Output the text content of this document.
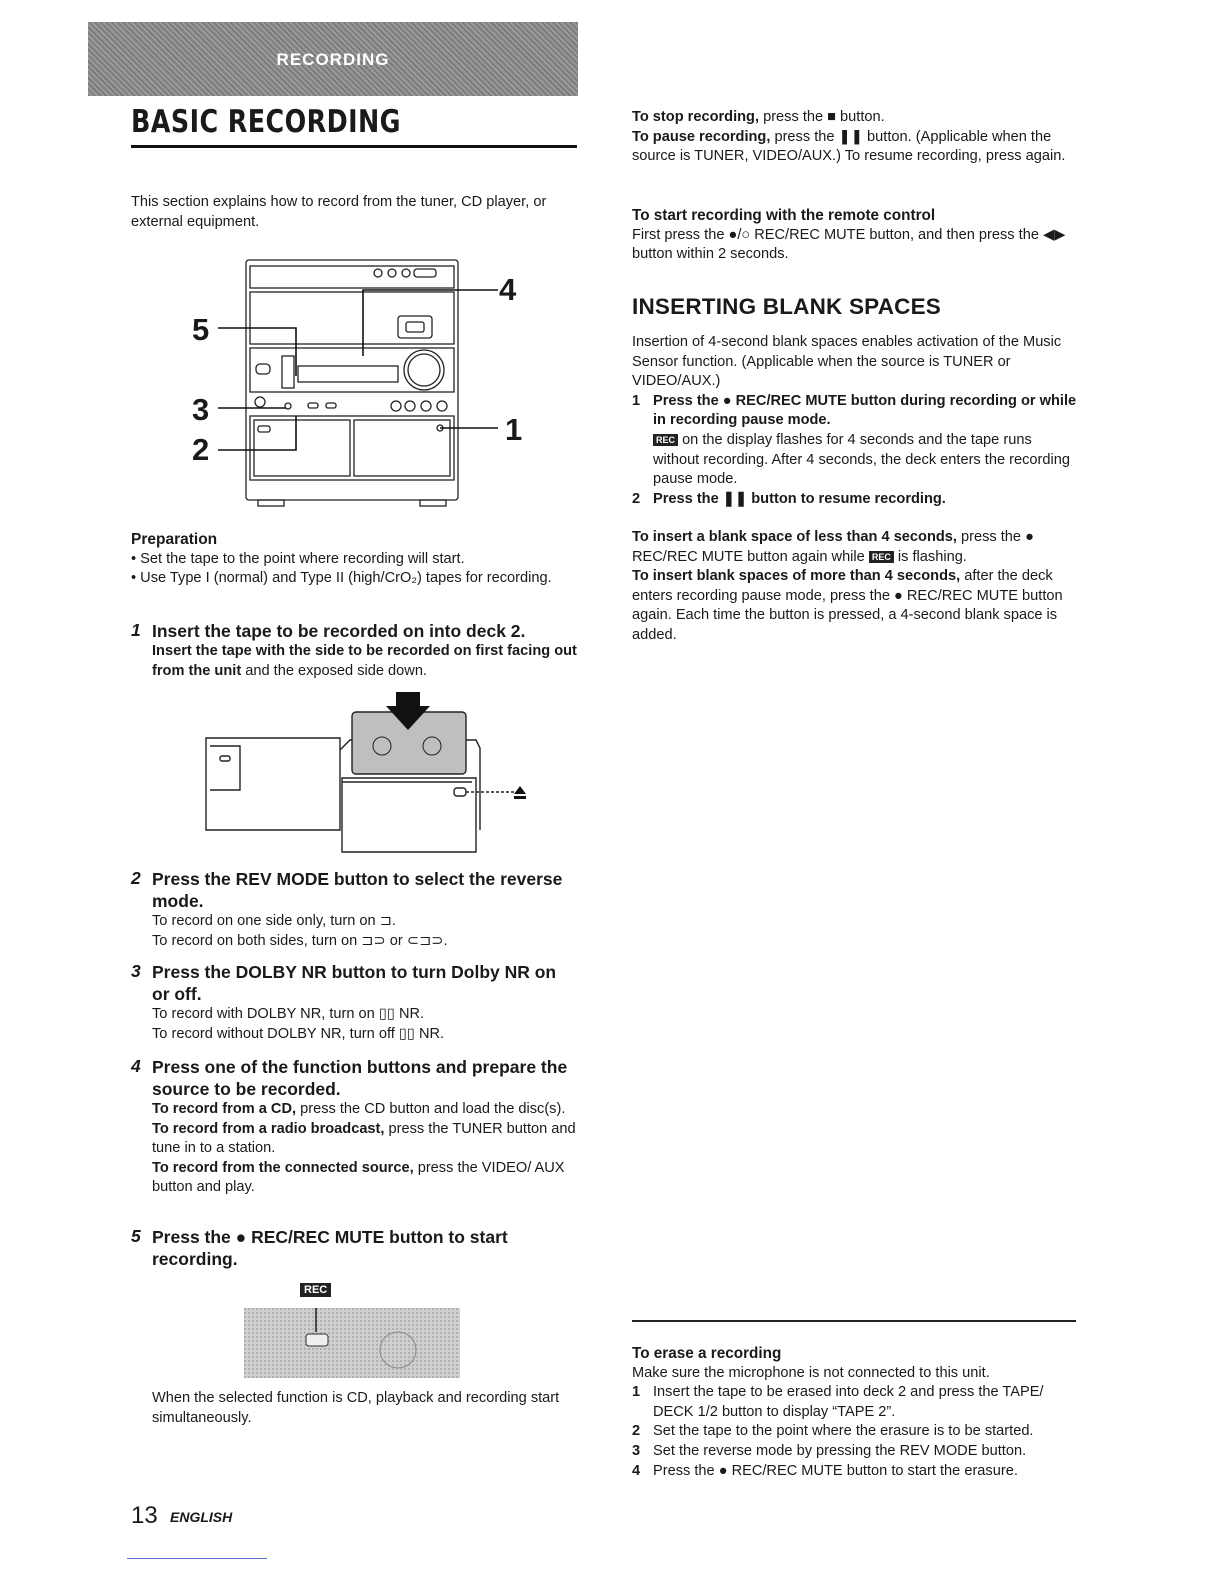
RECORDING
BASIC RECORDING

This section explains how to record from the tuner, CD player, or external equipment.

4
5
3
2
1

Preparation

• Set the tape to the point where recording will start.
• Use Type I (normal) and Type II (high/CrO₂) tapes for recording.
1 Insert the tape to be recorded on into deck 2.

Insert the tape with the side to be recorded on first facing out from the unit and the exposed side down.

2 Press the REV MODE button to select the reverse mode.

To record on one side only, turn on ⊐.

To record on both sides, turn on ⊐⊃ or ⊂⊐⊃.

3 Press the DOLBY NR button to turn Dolby NR on or off.

To record with DOLBY NR, turn on ▯▯ NR.

To record without DOLBY NR, turn off ▯▯ NR.

4 Press one of the function buttons and prepare the source to be recorded.

To record from a CD, press the CD button and load the disc(s).

To record from a radio broadcast, press the TUNER button and tune in to a station.

To record from the connected source, press the VIDEO/ AUX button and play.

5 Press the ● REC/REC MUTE button to start recording.
REC

When the selected function is CD, playback and recording start simultaneously.

To stop recording, press the ■ button.

To pause recording, press the ❚❚ button. (Applicable when the source is TUNER, VIDEO/AUX.) To resume recording, press again.

To start recording with the remote control

First press the ●/○ REC/REC MUTE button, and then press the ◀▶ button within 2 seconds.

INSERTING BLANK SPACES

Insertion of 4-second blank spaces enables activation of the Music Sensor function. (Applicable when the source is TUNER or VIDEO/AUX.)

1 Press the ● REC/REC MUTE button during recording or while in recording pause mode.
REC on the display flashes for 4 seconds and the tape runs without recording. After 4 seconds, the deck enters the recording pause mode.
2 Press the ❚❚ button to resume recording.

To insert a blank space of less than 4 seconds, press the ● REC/REC MUTE button again while REC is flashing.

To insert blank spaces of more than 4 seconds, after the deck enters recording pause mode, press the ● REC/REC MUTE button again. Each time the button is pressed, a 4-second blank space is added.

To erase a recording

Make sure the microphone is not connected to this unit.

1 Insert the tape to be erased into deck 2 and press the TAPE/ DECK 1/2 button to display “TAPE 2”.
2 Set the tape to the point where the erasure is to be started.
3 Set the reverse mode by pressing the REV MODE button.
4 Press the ● REC/REC MUTE button to start the erasure.
13 ENGLISH
